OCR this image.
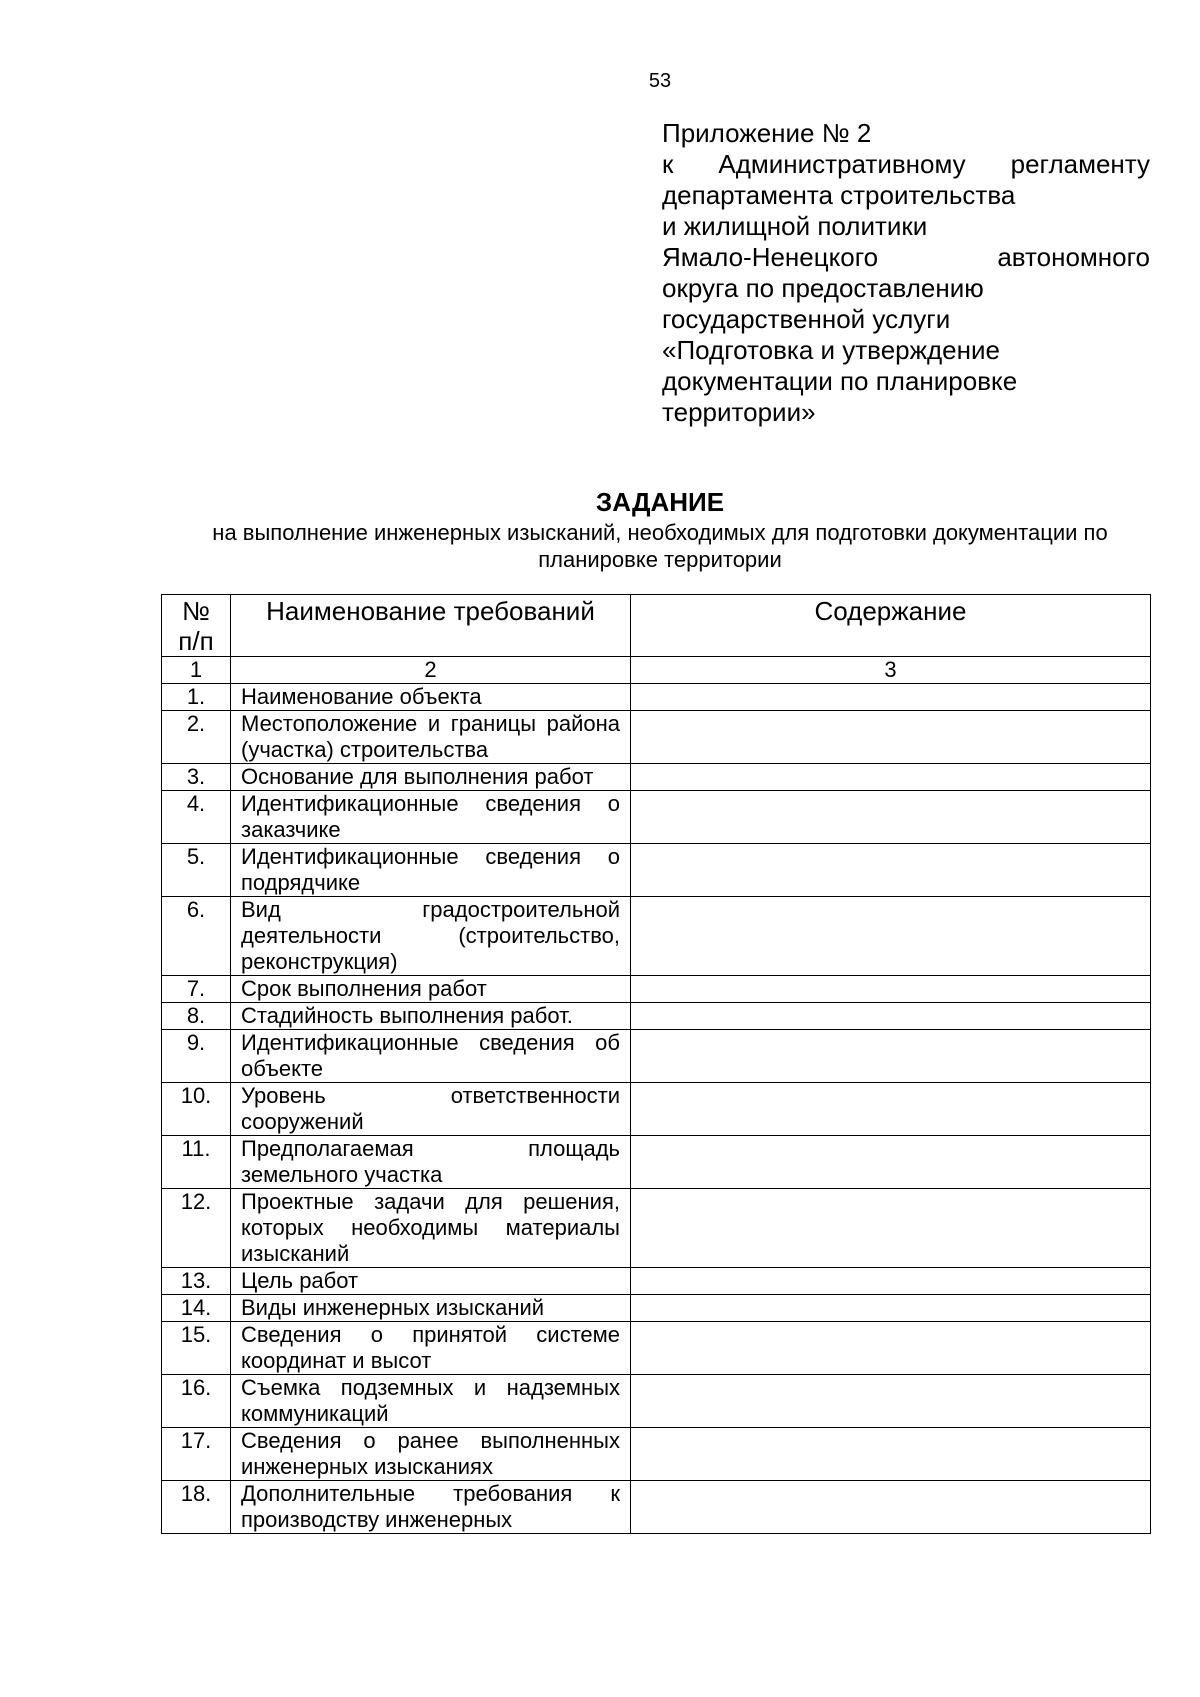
53
Приложение № 2
к Административному регламенту
департамента строительства
и жилищной политики
Ямало-Ненецкого автономного
округа по предоставлению
государственной услуги
«Подготовка и утверждение
документации по планировке
территории»
ЗАДАНИЕ
на выполнение инженерных изысканий, необходимых для подготовки документации по планировке территории
№ п/п	Наименование требований	Содержание
1	2	3
1.	Наименование объекта	
2.	Местоположение и границы района (участка) строительства	
3.	Основание для выполнения работ	
4.	Идентификационные сведения о заказчике	
5.	Идентификационные сведения о подрядчике	
6.	Вид градостроительной деятельности (строительство, реконструкция)	
7.	Срок выполнения работ	
8.	Стадийность выполнения работ.	
9.	Идентификационные сведения об объекте	
10.	Уровень ответственности сооружений	
11.	Предполагаемая площадь земельного участка	
12.	Проектные задачи для решения, которых необходимы материалы изысканий	
13.	Цель работ	
14.	Виды инженерных изысканий	
15.	Сведения о принятой системе координат и высот	
16.	Съемка подземных и надземных коммуникаций	
17.	Сведения о ранее выполненных инженерных изысканиях	
18.	Дополнительные требования к производству инженерных	
